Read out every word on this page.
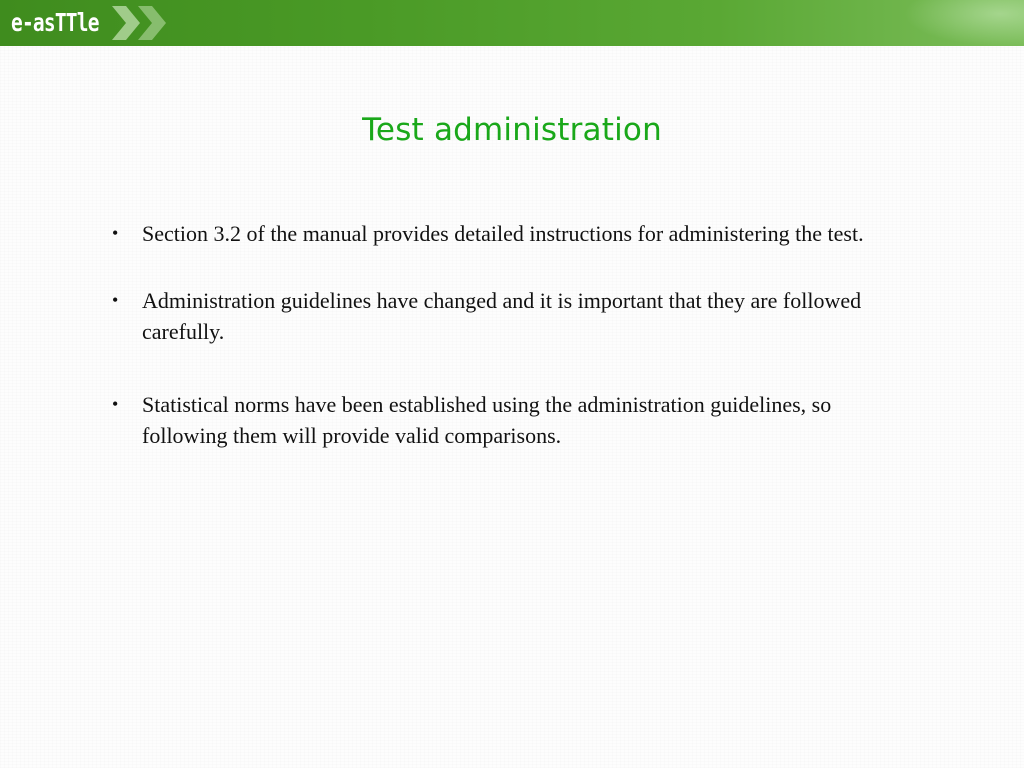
e-asTTle
Test administration
• Section 3.2 of the manual provides detailed instructions for administering the test.
• Administration guidelines have changed and it is important that they are followed carefully.
• Statistical norms have been established using the administration guidelines, so following them will provide valid comparisons.
